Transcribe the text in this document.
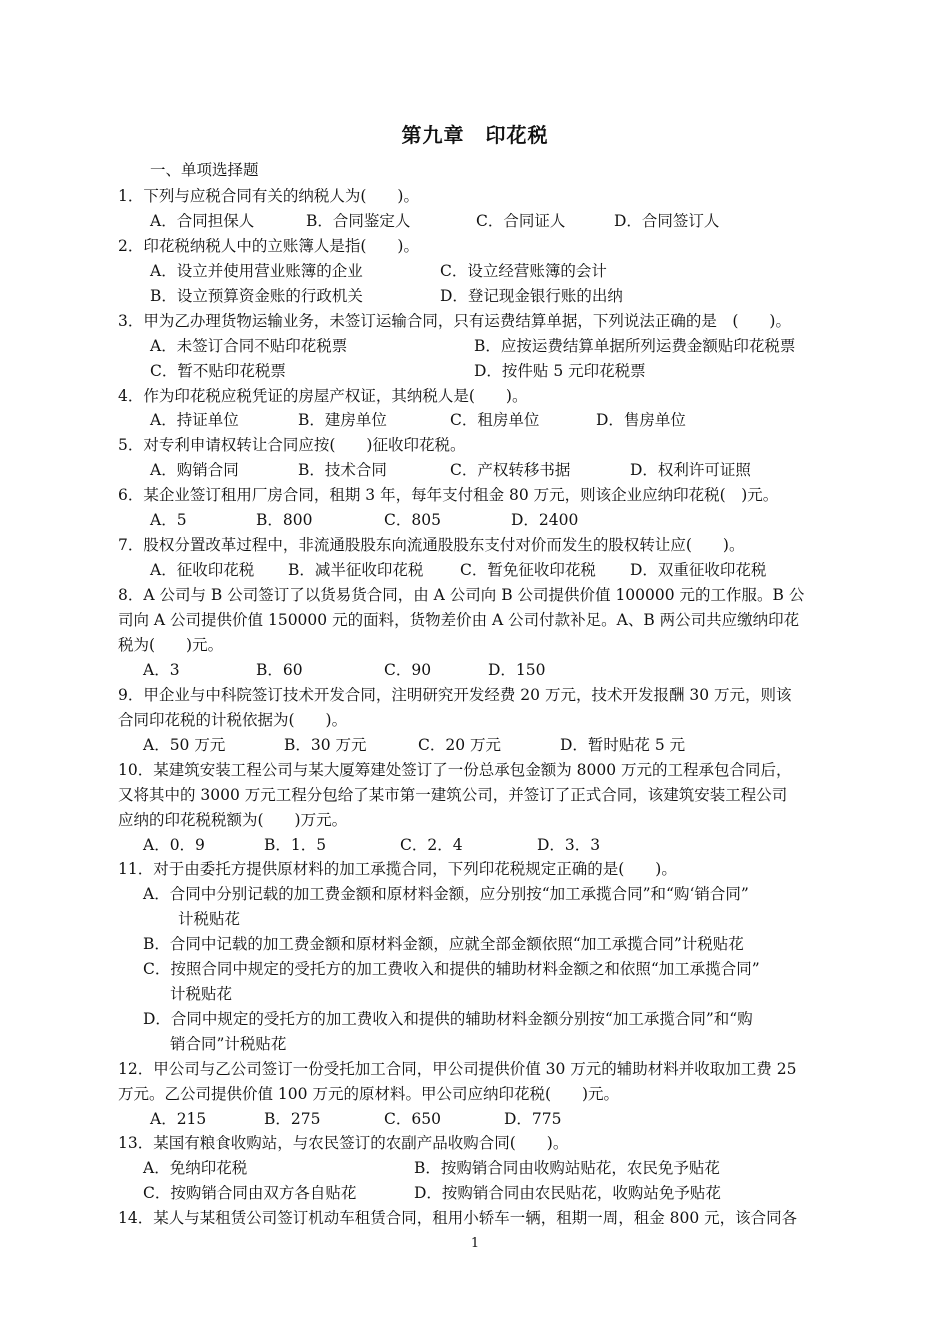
第九章　印花税
一、单项选择题
1．下列与应税合同有关的纳税人为(　　)。
A．合同担保人	B．合同鉴定人	C．合同证人	D．合同签订人
2．印花税纳税人中的立账簿人是指(　　)。
A．设立并使用营业账簿的企业	C．设立经营账簿的会计
B．设立预算资金账的行政机关	D．登记现金银行账的出纳
3．甲为乙办理货物运输业务，未签订运输合同，只有运费结算单据，下列说法正确的是　(　　)。
A．未签订合同不贴印花税票	B．应按运费结算单据所列运费金额贴印花税票
C．暂不贴印花税票	D．按件贴 5 元印花税票
4．作为印花税应税凭证的房屋产权证，其纳税人是(　　)。
A．持证单位	B．建房单位	C．租房单位	D．售房单位
5．对专利申请权转让合同应按(　　)征收印花税。
A．购销合同	B．技术合同	C．产权转移书据	D．权利许可证照
6．某企业签订租用厂房合同，租期 3 年，每年支付租金 80 万元，则该企业应纳印花税(　)元。
A．5	B．800	C．805	D．2400
7．股权分置改革过程中，非流通股股东向流通股股东支付对价而发生的股权转让应(　　)。
A．征收印花税 B．减半征收印花税 C．暂免征收印花税 D．双重征收印花税
8．A 公司与 B 公司签订了以货易货合同，由 A 公司向 B 公司提供价值 100000 元的工作服。B 公
司向 A 公司提供价值 150000 元的面料，货物差价由 A 公司付款补足。A、B 两公司共应缴纳印花
税为(　　)元。
A．3	B．60	C．90	D．150
9．甲企业与中科院签订技术开发合同，注明研究开发经费 20 万元，技术开发报酬 30 万元，则该
合同印花税的计税依据为(　　)。
A．50 万元	B．30 万元	C．20 万元	D．暂时贴花 5 元
10．某建筑安装工程公司与某大厦筹建处签订了一份总承包金额为 8000 万元的工程承包合同后，
又将其中的 3000 万元工程分包给了某市第一建筑公司，并签订了正式合同，该建筑安装工程公司
应纳的印花税税额为(　　)万元。
A．0．9	B．1．5	C．2．4	D．3．3
11．对于由委托方提供原材料的加工承揽合同，下列印花税规定正确的是(　　)。
A．合同中分别记载的加工费金额和原材料金额，应分别按“加工承揽合同”和“购‘销合同”
计税贴花
B．合同中记载的加工费金额和原材料金额，应就全部金额依照“加工承揽合同”计税贴花
C．按照合同中规定的受托方的加工费收入和提供的辅助材料金额之和依照“加工承揽合同”
计税贴花
D．合同中规定的受托方的加工费收入和提供的辅助材料金额分别按“加工承揽合同”和“购
销合同”计税贴花
12．甲公司与乙公司签订一份受托加工合同，甲公司提供价值 30 万元的辅助材料并收取加工费 25
万元。乙公司提供价值 100 万元的原材料。甲公司应纳印花税(　　)元。
A．215	B．275	C．650	D．775
13．某国有粮食收购站，与农民签订的农副产品收购合同(　　)。
A．免纳印花税	B．按购销合同由收购站贴花，农民免予贴花
C．按购销合同由双方各自贴花	D．按购销合同由农民贴花，收购站免予贴花
14．某人与某租赁公司签订机动车租赁合同，租用小轿车一辆，租期一周，租金 800 元，该合同各
1
